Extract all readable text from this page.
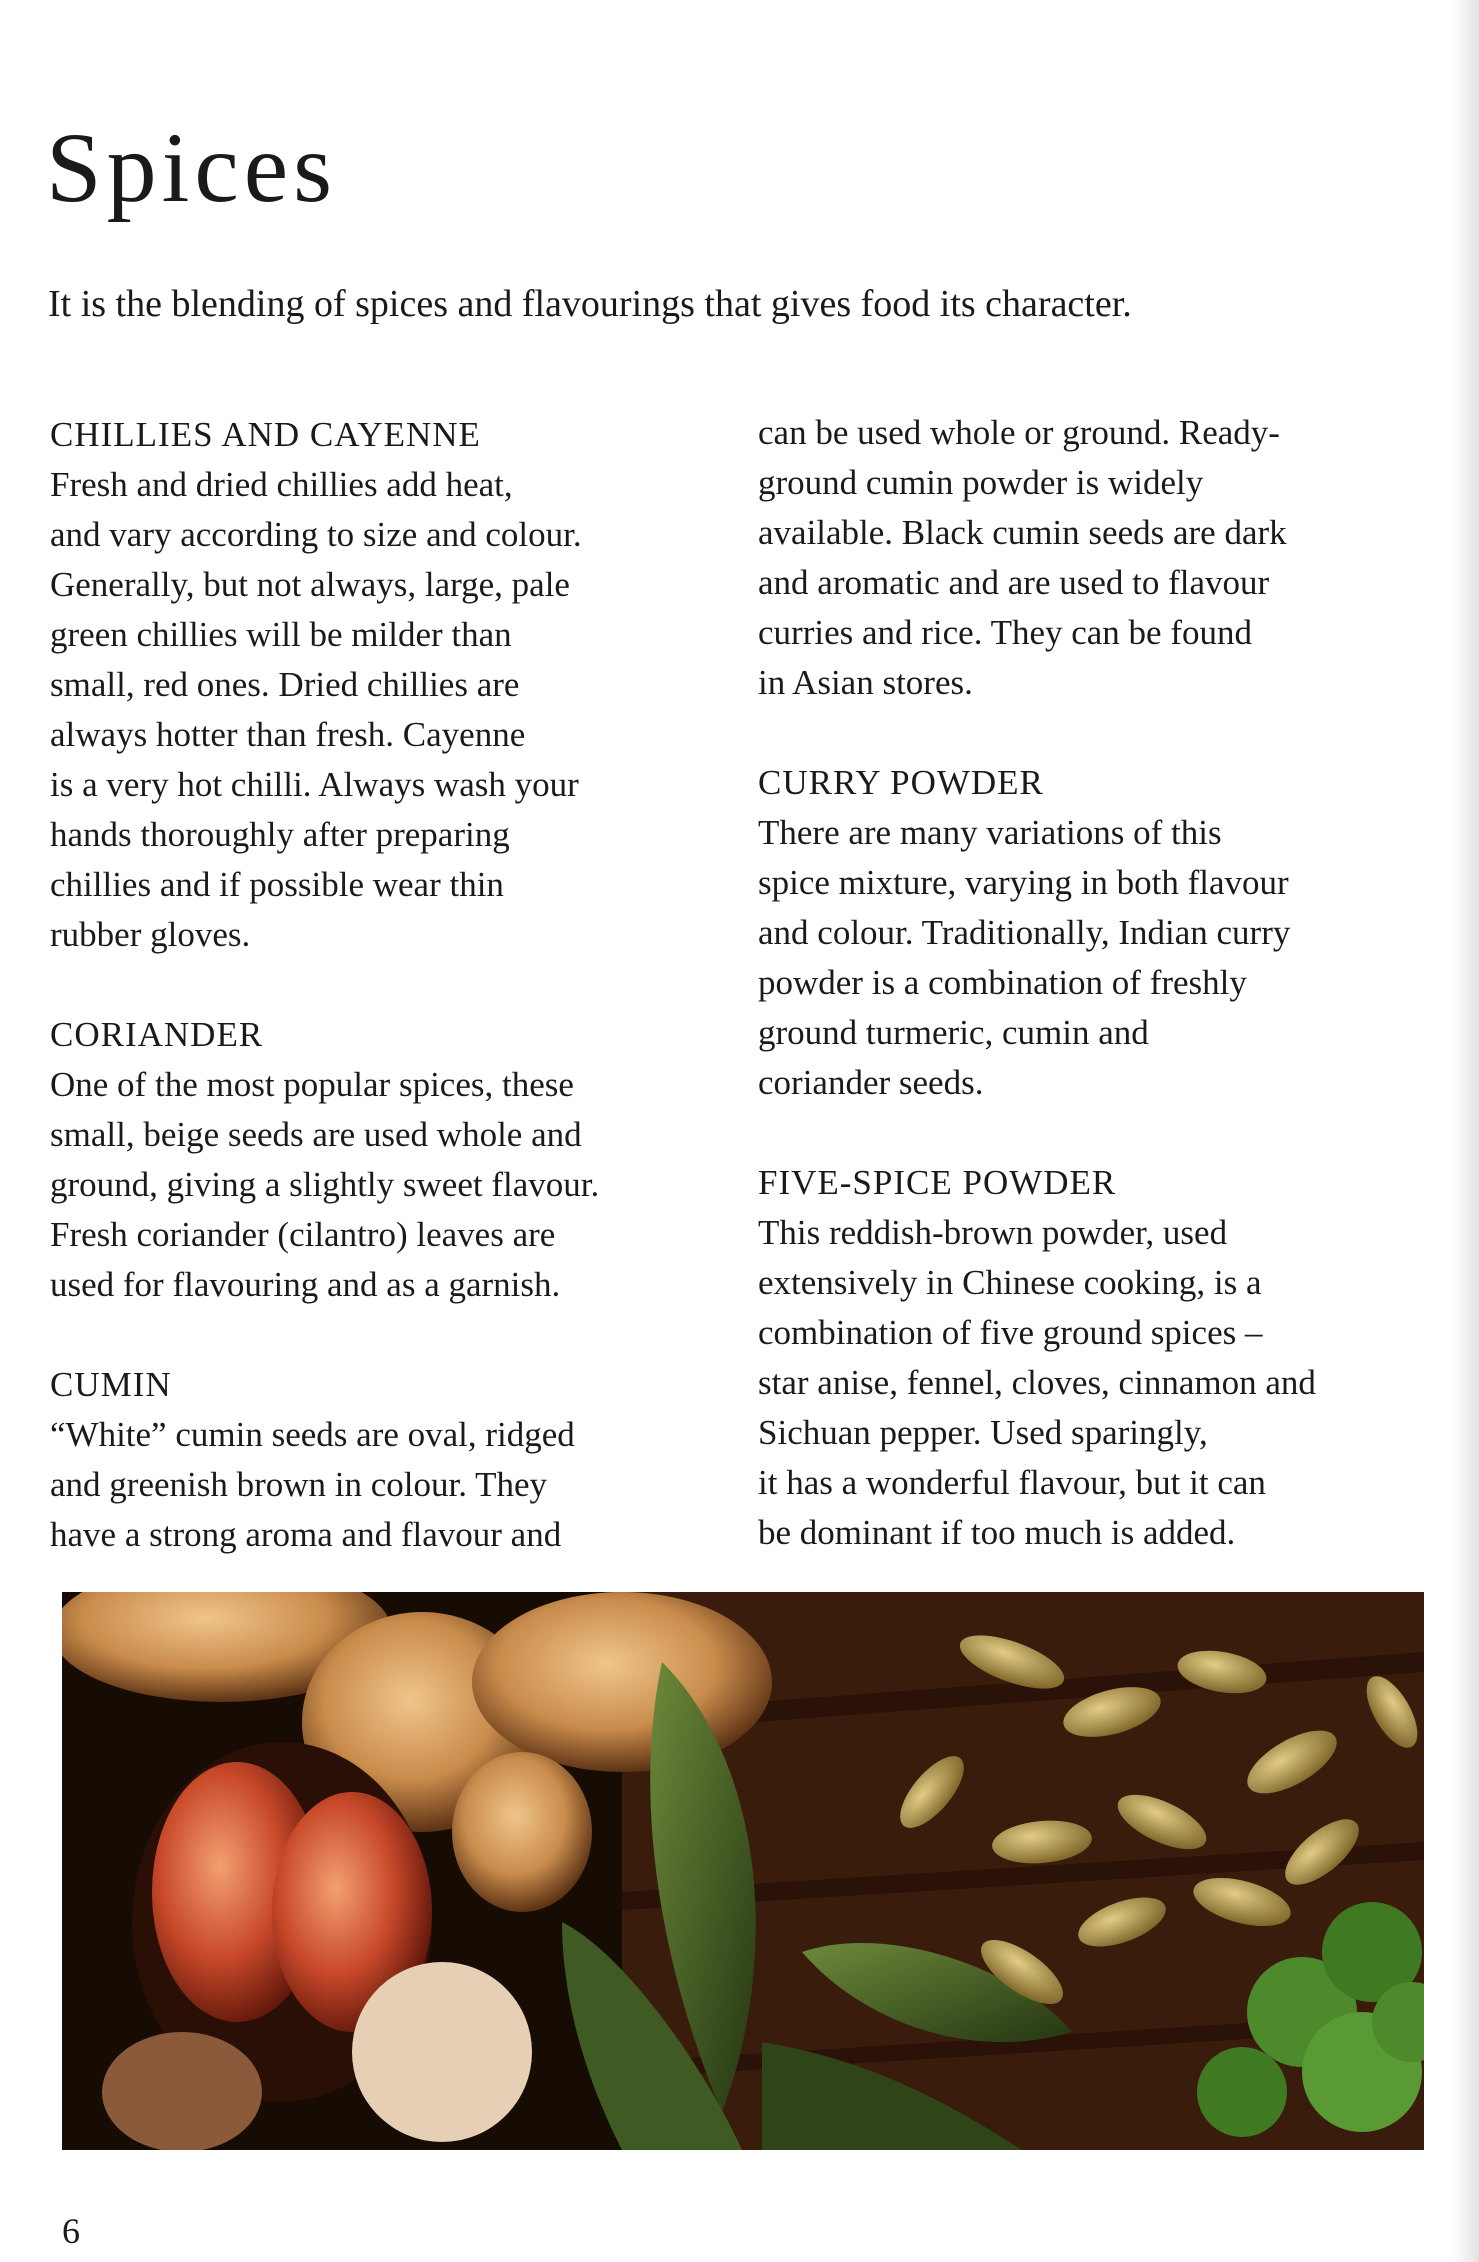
Spices

It is the blending of spices and flavourings that gives food its character.

CHILLIES AND CAYENNE
Fresh and dried chillies add heat,
and vary according to size and colour.
Generally, but not always, large, pale
green chillies will be milder than
small, red ones. Dried chillies are
always hotter than fresh. Cayenne
is a very hot chilli. Always wash your
hands thoroughly after preparing
chillies and if possible wear thin
rubber gloves.
CORIANDER
One of the most popular spices, these
small, beige seeds are used whole and
ground, giving a slightly sweet flavour.
Fresh coriander (cilantro) leaves are
used for flavouring and as a garnish.
CUMIN
“White” cumin seeds are oval, ridged
and greenish brown in colour. They
have a strong aroma and flavour and
can be used whole or ground. Ready-
ground cumin powder is widely
available. Black cumin seeds are dark
and aromatic and are used to flavour
curries and rice. They can be found
in Asian stores.
CURRY POWDER
There are many variations of this
spice mixture, varying in both flavour
and colour. Traditionally, Indian curry
powder is a combination of freshly
ground turmeric, cumin and
coriander seeds.
FIVE-SPICE POWDER
This reddish-brown powder, used
extensively in Chinese cooking, is a
combination of five ground spices –
star anise, fennel, cloves, cinnamon and
Sichuan pepper. Used sparingly,
it has a wonderful flavour, but it can
be dominant if too much is added.
6
